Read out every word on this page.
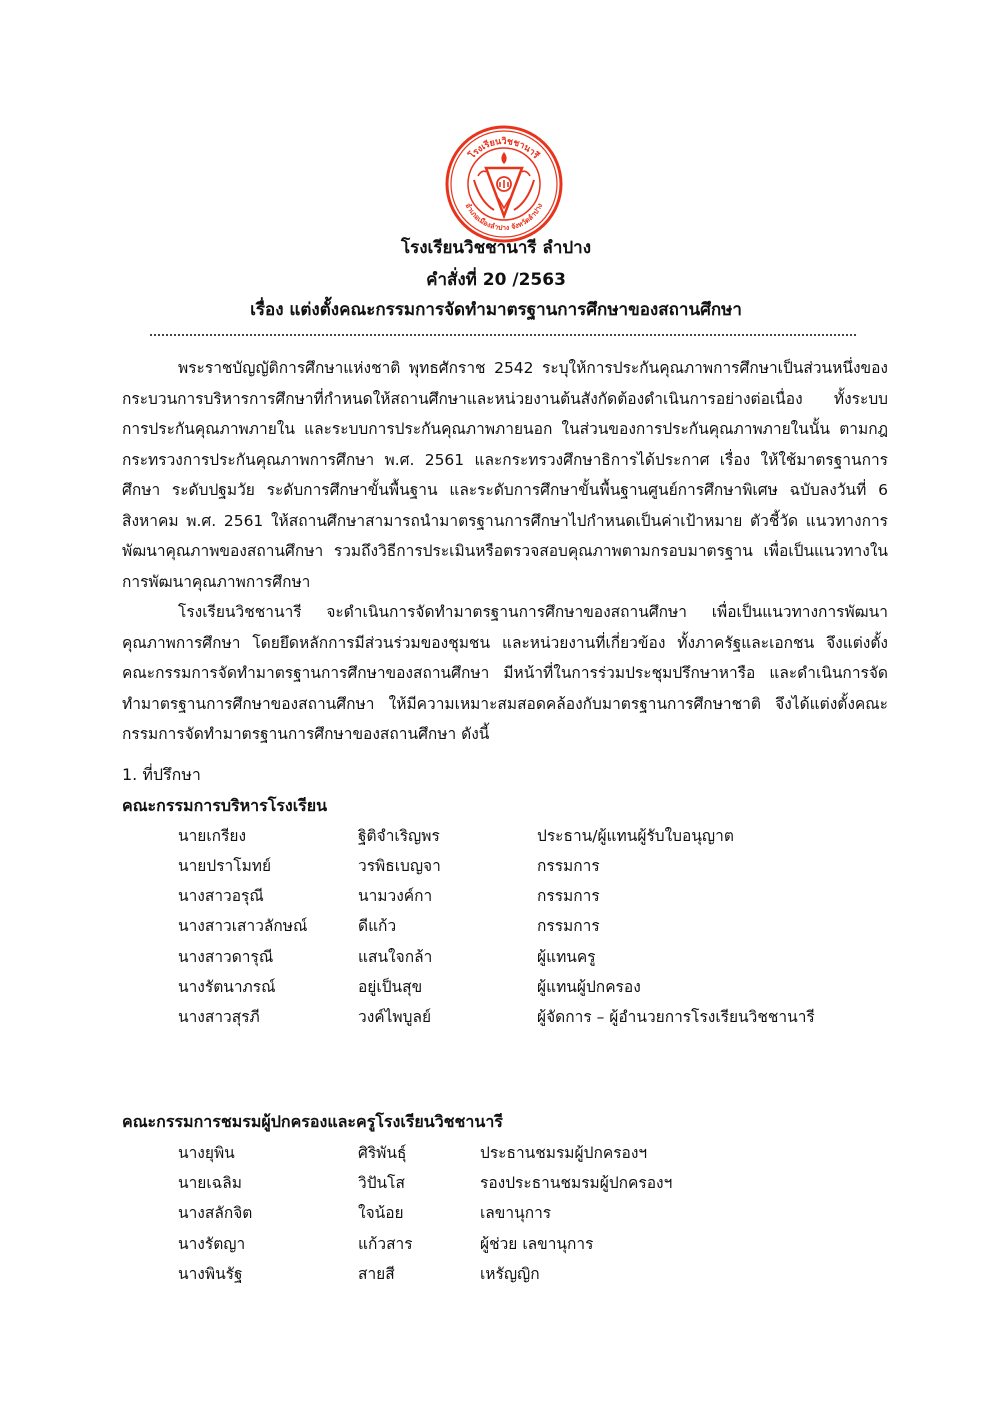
โรงเรียนวิชชานารี
อำเภอเมืองลำปาง จังหวัดลำปาง
โรงเรียนวิชชานารี ลำปาง
คำสั่งที่ 20 /2563
เรื่อง แต่งตั้งคณะกรรมการจัดทำมาตรฐานการศึกษาของสถานศึกษา
พระราชบัญญัติการศึกษาแห่งชาติ พุทธศักราช 2542 ระบุให้การประกันคุณภาพการศึกษาเป็นส่วนหนึ่งของกระบวนการบริหารการศึกษาที่กำหนดให้สถานศึกษาและหน่วยงานต้นสังกัดต้องดำเนินการอย่างต่อเนื่อง ทั้งระบบการประกันคุณภาพภายใน และระบบการประกันคุณภาพภายนอก ในส่วนของการประกันคุณภาพภายในนั้น ตามกฎกระทรวงการประกันคุณภาพการศึกษา พ.ศ. 2561 และกระทรวงศึกษาธิการได้ประกาศ เรื่อง ให้ใช้มาตรฐานการศึกษา ระดับปฐมวัย ระดับการศึกษาขั้นพื้นฐาน และระดับการศึกษาขั้นพื้นฐานศูนย์การศึกษาพิเศษ ฉบับลงวันที่ 6 สิงหาคม พ.ศ. 2561 ให้สถานศึกษาสามารถนำมาตรฐานการศึกษาไปกำหนดเป็นค่าเป้าหมาย ตัวชี้วัด แนวทางการพัฒนาคุณภาพของสถานศึกษา รวมถึงวิธีการประเมินหรือตรวจสอบคุณภาพตามกรอบมาตรฐาน เพื่อเป็นแนวทางในการพัฒนาคุณภาพการศึกษา
โรงเรียนวิชชานารี จะดำเนินการจัดทำมาตรฐานการศึกษาของสถานศึกษา เพื่อเป็นแนวทางการพัฒนาคุณภาพการศึกษา โดยยึดหลักการมีส่วนร่วมของชุมชน และหน่วยงานที่เกี่ยวข้อง ทั้งภาครัฐและเอกชน จึงแต่งตั้งคณะกรรมการจัดทำมาตรฐานการศึกษาของสถานศึกษา มีหน้าที่ในการร่วมประชุมปรึกษาหารือ และดำเนินการจัดทำมาตรฐานการศึกษาของสถานศึกษา ให้มีความเหมาะสมสอดคล้องกับมาตรฐานการศึกษาชาติ จึงได้แต่งตั้งคณะกรรมการจัดทำมาตรฐานการศึกษาของสถานศึกษา ดังนี้
1. ที่ปรึกษา
คณะกรรมการบริหารโรงเรียน
นายเกรียง	ฐิติจำเริญพร	ประธาน/ผู้แทนผู้รับใบอนุญาต
นายปราโมทย์	วรพิธเบญจา	กรรมการ
นางสาวอรุณี	นามวงค์กา	กรรมการ
นางสาวเสาวลักษณ์	ดีแก้ว	กรรมการ
นางสาวดารุณี	แสนใจกล้า	ผู้แทนครู
นางรัตนาภรณ์	อยู่เป็นสุข	ผู้แทนผู้ปกครอง
นางสาวสุรภี	วงค์ไพบูลย์	ผู้จัดการ – ผู้อำนวยการโรงเรียนวิชชานารี
คณะกรรมการชมรมผู้ปกครองและครูโรงเรียนวิชชานารี
นางยุพิน	ศิริพันธุ์	ประธานชมรมผู้ปกครองฯ
นายเฉลิม	วิปันโส	รองประธานชมรมผู้ปกครองฯ
นางสลักจิต	ใจน้อย	เลขานุการ
นางรัตญา	แก้วสาร	ผู้ช่วย เลขานุการ
นางพินรัฐ	สายสี	เหรัญญิก
